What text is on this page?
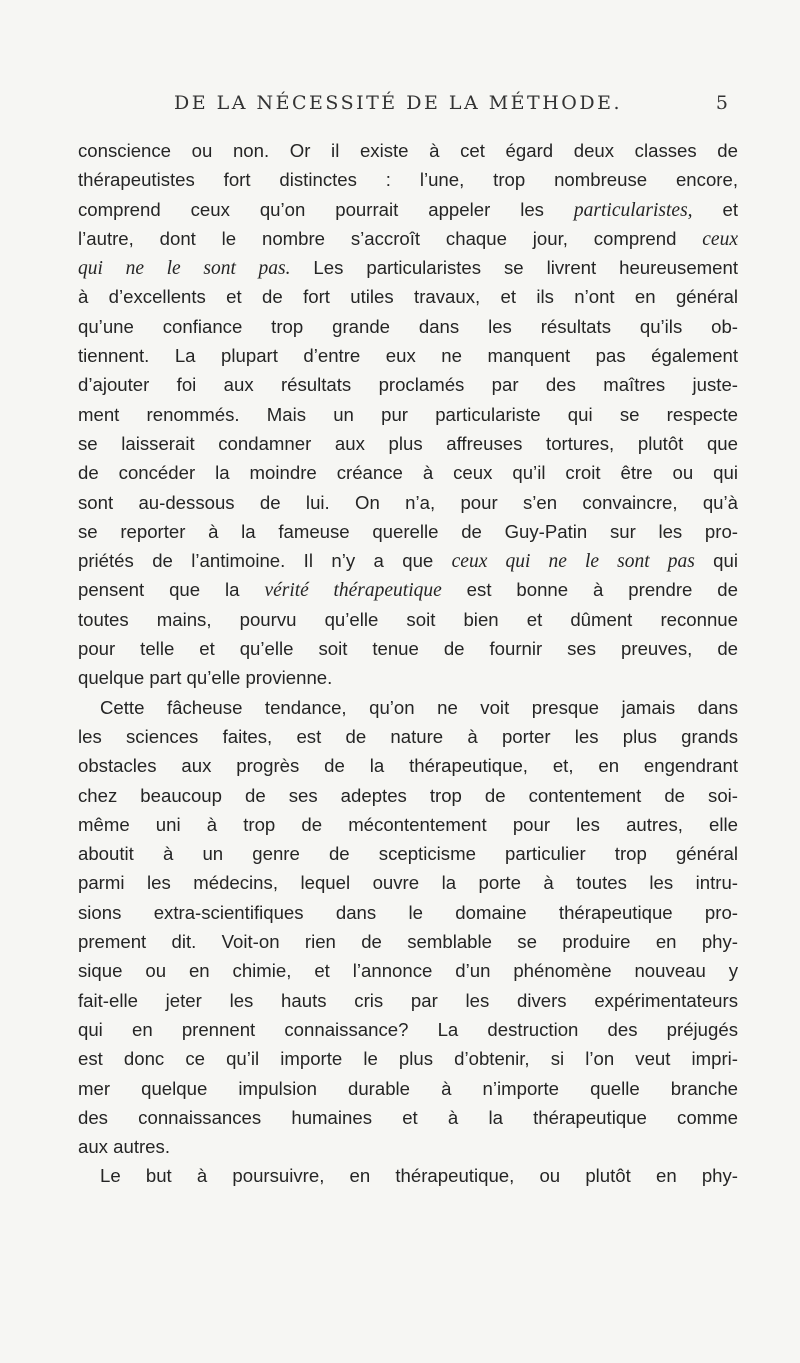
DE LA NÉCESSITÉ DE LA MÉTHODE.	5
conscience ou non. Or il existe à cet égard deux classes de
thérapeutistes fort distinctes : l’une, trop nombreuse encore,
comprend ceux qu’on pourrait appeler les particularistes, et
l’autre, dont le nombre s’accroît chaque jour, comprend ceux
qui ne le sont pas. Les particularistes se livrent heureusement
à d’excellents et de fort utiles travaux, et ils n’ont en général
qu’une confiance trop grande dans les résultats qu’ils ob-
tiennent. La plupart d’entre eux ne manquent pas également
d’ajouter foi aux résultats proclamés par des maîtres juste-
ment renommés. Mais un pur particulariste qui se respecte
se laisserait condamner aux plus affreuses tortures, plutôt que
de concéder la moindre créance à ceux qu’il croit être ou qui
sont au-dessous de lui. On n’a, pour s’en convaincre, qu’à
se reporter à la fameuse querelle de Guy-Patin sur les pro-
priétés de l’antimoine. Il n’y a que ceux qui ne le sont pas qui
pensent que la vérité thérapeutique est bonne à prendre de
toutes mains, pourvu qu’elle soit bien et dûment reconnue
pour telle et qu’elle soit tenue de fournir ses preuves, de
quelque part qu’elle provienne.
Cette fâcheuse tendance, qu’on ne voit presque jamais dans
les sciences faites, est de nature à porter les plus grands
obstacles aux progrès de la thérapeutique, et, en engendrant
chez beaucoup de ses adeptes trop de contentement de soi-
même uni à trop de mécontentement pour les autres, elle
aboutit à un genre de scepticisme particulier trop général
parmi les médecins, lequel ouvre la porte à toutes les intru-
sions extra-scientifiques dans le domaine thérapeutique pro-
prement dit. Voit-on rien de semblable se produire en phy-
sique ou en chimie, et l’annonce d’un phénomène nouveau y
fait-elle jeter les hauts cris par les divers expérimentateurs
qui en prennent connaissance? La destruction des préjugés
est donc ce qu’il importe le plus d’obtenir, si l’on veut impri-
mer quelque impulsion durable à n’importe quelle branche
des connaissances humaines et à la thérapeutique comme
aux autres.
Le but à poursuivre, en thérapeutique, ou plutôt en phy-
